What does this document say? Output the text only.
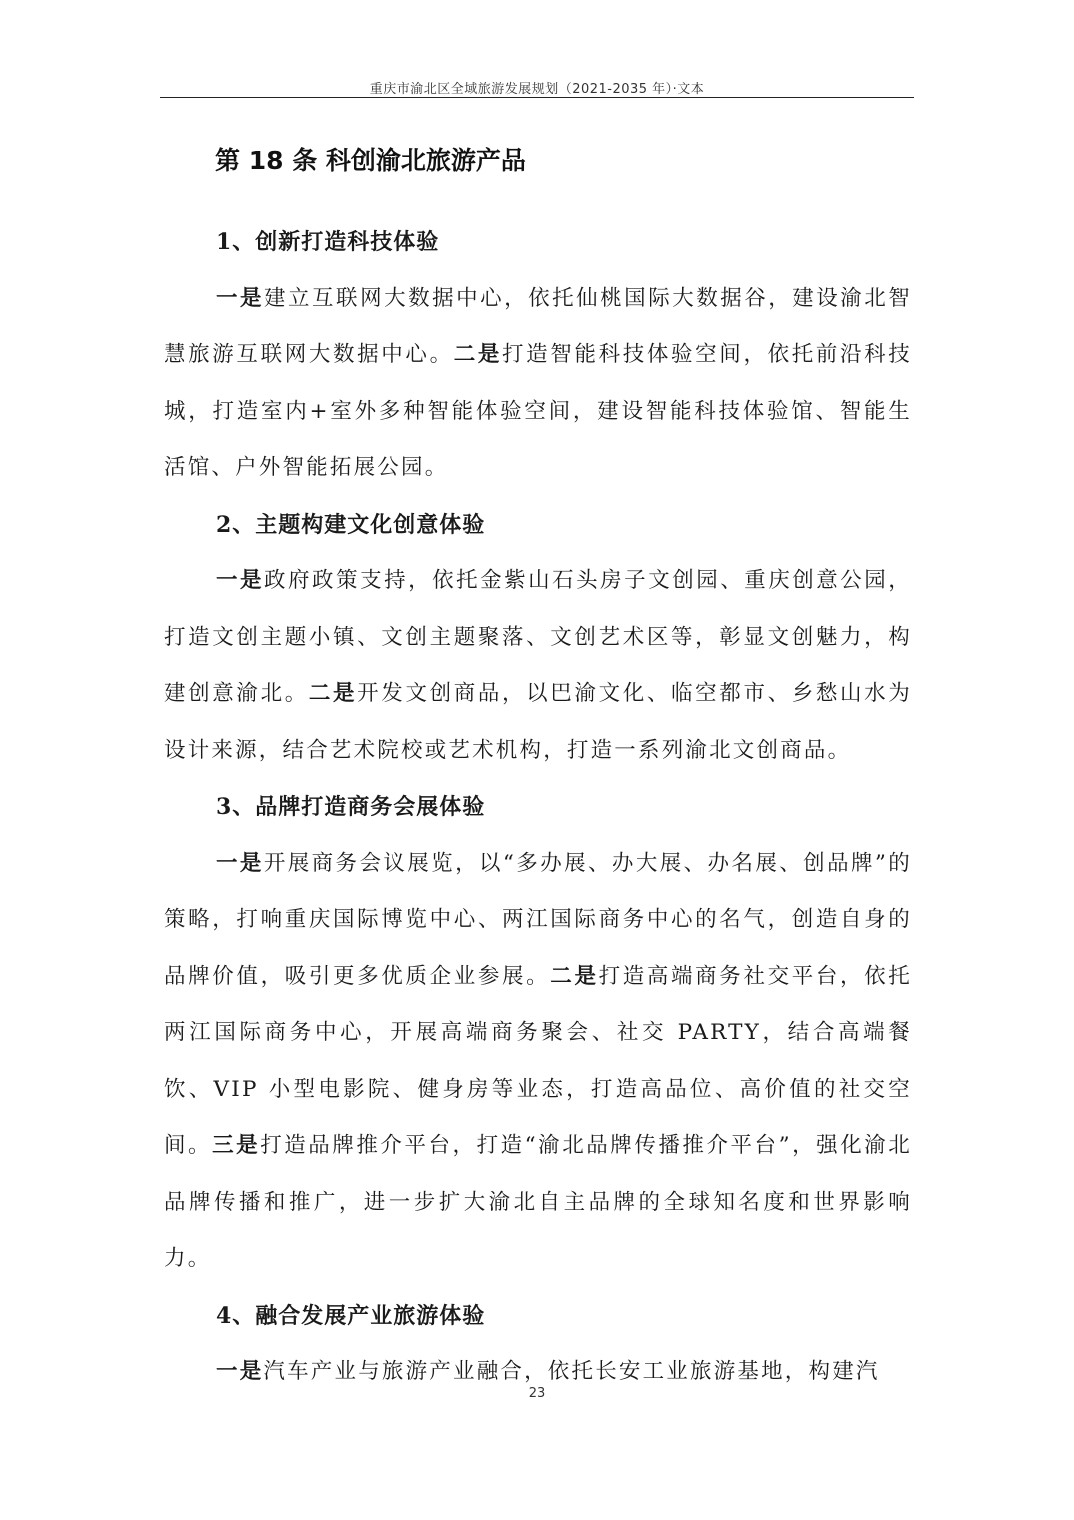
重庆市渝北区全域旅游发展规划（2021-2035 年）·文本
第 18 条 科创渝北旅游产品

1、创新打造科技体验

一是建立互联网大数据中心，依托仙桃国际大数据谷，建设渝北智慧旅游互联网大数据中心。二是打造智能科技体验空间，依托前沿科技城，打造室内+室外多种智能体验空间，建设智能科技体验馆、智能生活馆、户外智能拓展公园。

2、主题构建文化创意体验

一是政府政策支持，依托金紫山石头房子文创园、重庆创意公园，打造文创主题小镇、文创主题聚落、文创艺术区等，彰显文创魅力，构建创意渝北。二是开发文创商品，以巴渝文化、临空都市、乡愁山水为设计来源，结合艺术院校或艺术机构，打造一系列渝北文创商品。

3、品牌打造商务会展体验

一是开展商务会议展览，以“多办展、办大展、办名展、创品牌”的策略，打响重庆国际博览中心、两江国际商务中心的名气，创造自身的品牌价值，吸引更多优质企业参展。二是打造高端商务社交平台，依托两江国际商务中心，开展高端商务聚会、社交 PARTY，结合高端餐饮、VIP 小型电影院、健身房等业态，打造高品位、高价值的社交空间。三是打造品牌推介平台，打造“渝北品牌传播推介平台”，强化渝北品牌传播和推广，进一步扩大渝北自主品牌的全球知名度和世界影响力。

4、融合发展产业旅游体验

一是汽车产业与旅游产业融合，依托长安工业旅游基地，构建汽

23
